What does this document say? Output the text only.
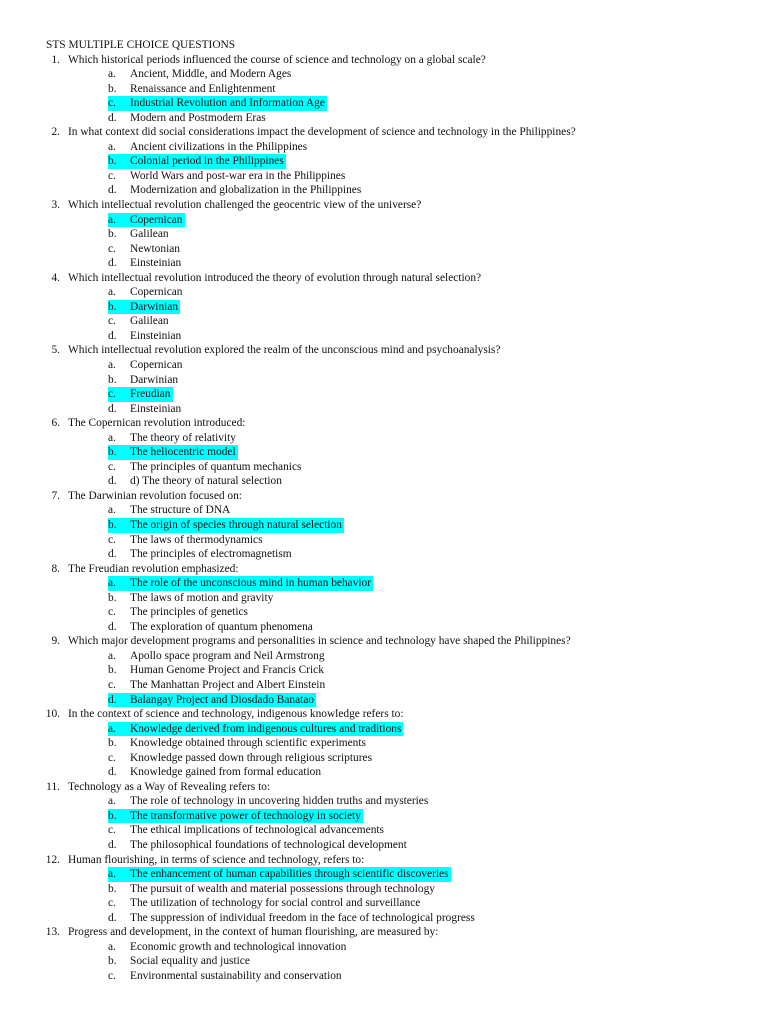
STS MULTIPLE CHOICE QUESTIONS
1. Which historical periods influenced the course of science and technology on a global scale?
a. Ancient, Middle, and Modern Ages
b. Renaissance and Enlightenment
c.	Industrial Revolution and Information Age
d. Modern and Postmodern Eras
2. In what context did social considerations impact the development of science and technology in the Philippines?
a. Ancient civilizations in the Philippines
b.	Colonial period in the Philippines
c. World Wars and post-war era in the Philippines
d. Modernization and globalization in the Philippines
3. Which intellectual revolution challenged the geocentric view of the universe?
a.	Copernican
b. Galilean
c. Newtonian
d. Einsteinian
4. Which intellectual revolution introduced the theory of evolution through natural selection?
a. Copernican
b.	Darwinian
c. Galilean
d. Einsteinian
5. Which intellectual revolution explored the realm of the unconscious mind and psychoanalysis?
a. Copernican
b. Darwinian
c.	Freudian
d. Einsteinian
6. The Copernican revolution introduced:
a. The theory of relativity
b.	The heliocentric model
c. The principles of quantum mechanics
d. d) The theory of natural selection
7. The Darwinian revolution focused on:
a. The structure of DNA
b.	The origin of species through natural selection
c. The laws of thermodynamics
d. The principles of electromagnetism
8. The Freudian revolution emphasized:
a.	The role of the unconscious mind in human behavior
b. The laws of motion and gravity
c. The principles of genetics
d. The exploration of quantum phenomena
9. Which major development programs and personalities in science and technology have shaped the Philippines?
a. Apollo space program and Neil Armstrong
b. Human Genome Project and Francis Crick
c. The Manhattan Project and Albert Einstein
d.	Balangay Project and Diosdado Banatao
10. In the context of science and technology, indigenous knowledge refers to:
a.	Knowledge derived from indigenous cultures and traditions
b. Knowledge obtained through scientific experiments
c. Knowledge passed down through religious scriptures
d. Knowledge gained from formal education
11. Technology as a Way of Revealing refers to:
a. The role of technology in uncovering hidden truths and mysteries
b.	The transformative power of technology in society
c. The ethical implications of technological advancements
d. The philosophical foundations of technological development
12. Human flourishing, in terms of science and technology, refers to:
a.	The enhancement of human capabilities through scientific discoveries
b. The pursuit of wealth and material possessions through technology
c. The utilization of technology for social control and surveillance
d. The suppression of individual freedom in the face of technological progress
13. Progress and development, in the context of human flourishing, are measured by:
a. Economic growth and technological innovation
b. Social equality and justice
c. Environmental sustainability and conservation
